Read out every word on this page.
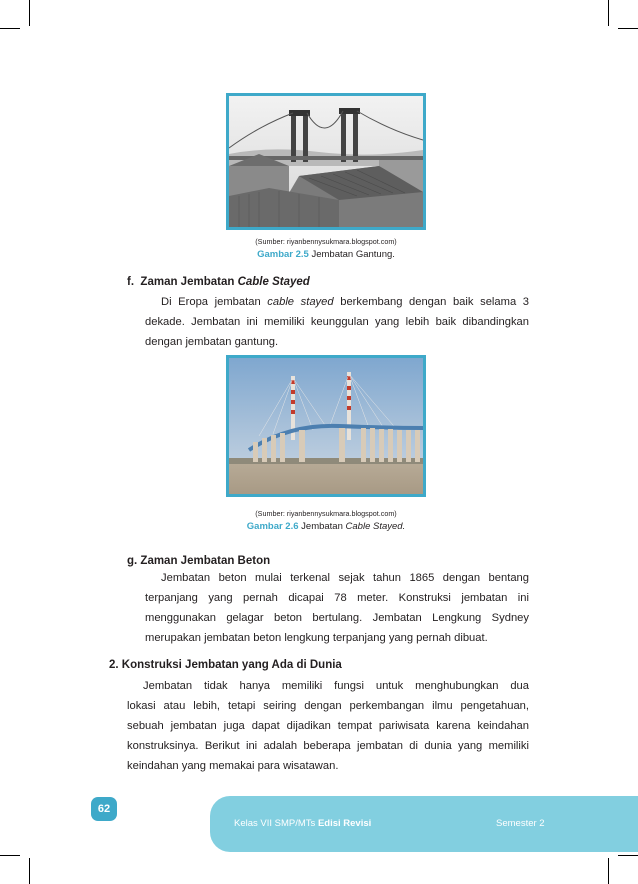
(Sumber: riyanbennysukmara.blogspot.com)
Gambar 2.5 Jembatan Gantung.
f. Zaman Jembatan Cable Stayed
Di Eropa jembatan cable stayed berkembang dengan baik selama 3
dekade. Jembatan ini memiliki keunggulan yang lebih baik dibandingkan
dengan jembatan gantung.
(Sumber: riyanbennysukmara.blogspot.com)
Gambar 2.6 Jembatan Cable Stayed.
g. Zaman Jembatan Beton
Jembatan beton mulai terkenal sejak tahun 1865 dengan bentang
terpanjang yang pernah dicapai 78 meter. Konstruksi jembatan ini
menggunakan gelagar beton bertulang. Jembatan Lengkung Sydney
merupakan jembatan beton lengkung terpanjang yang pernah dibuat.
2. Konstruksi Jembatan yang Ada di Dunia
Jembatan tidak hanya memiliki fungsi untuk menghubungkan dua
lokasi atau lebih, tetapi seiring dengan perkembangan ilmu pengetahuan,
sebuah jembatan juga dapat dijadikan tempat pariwisata karena keindahan
konstruksinya. Berikut ini adalah beberapa jembatan di dunia yang memiliki
keindahan yang memakai para wisatawan.
62
Kelas VII SMP/MTs Edisi Revisi	Semester 2
